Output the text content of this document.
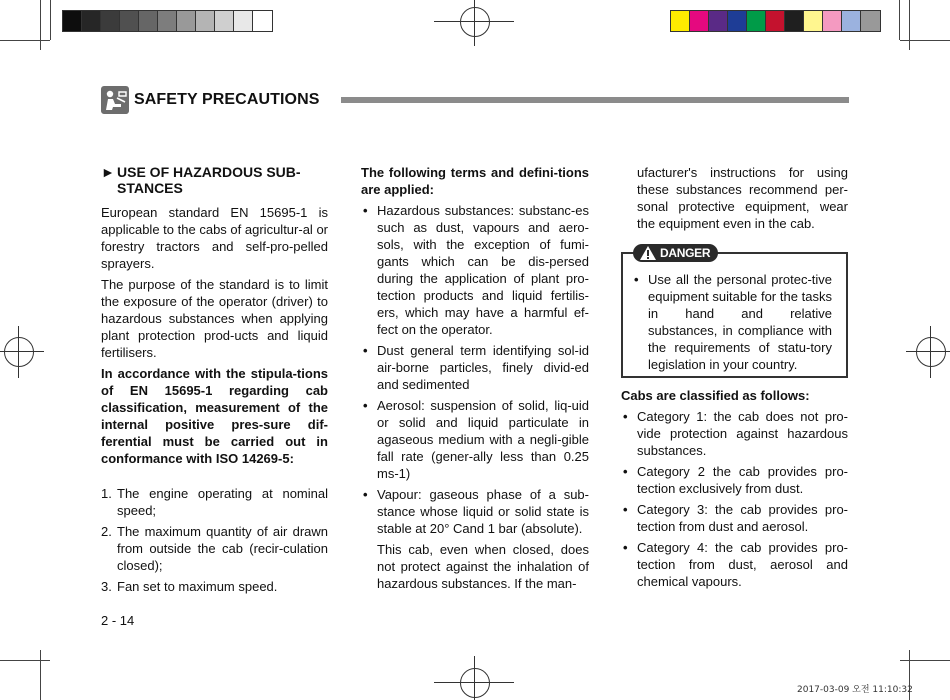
SAFETY PRECAUTIONS
► USE OF HAZARDOUS SUB-
STANCES

European standard EN 15695-1 is applicable to the cabs of agricultur-al or forestry tractors and self-pro-pelled sprayers.

The purpose of the standard is to limit the exposure of the operator (driver) to hazardous substances when applying plant protection prod-ucts and liquid fertilisers.

In accordance with the stipula-tions of EN 15695-1 regarding cab classification, measurement of the internal positive pres-sure dif-ferential must be carried out in conformance with ISO 14269-5:

1. The engine operating at nominal speed;
2. The maximum quantity of air drawn from outside the cab (recir-culation closed);
3. Fan set to maximum speed.

The following terms and defini-tions are applied:

• Hazardous substances: substanc-es such as dust, vapours and aero-sols, with the exception of fumi-gants which can be dis-persed during the application of plant pro-tection products and liquid fertilis-ers, which may have a harmful ef-fect on the operator.
• Dust general term identifying sol-id air-borne particles, finely divid-ed and sedimented
• Aerosol: suspension of solid, liq-uid or solid and liquid particulate in agaseous medium with a negli-gible fall rate (gener-ally less than 0.25 ms-1)
• Vapour: gaseous phase of a sub-stance whose liquid or solid state is stable at 20° Cand 1 bar (absolute).

This cab, even when closed, does not protect against the inhalation of hazardous substances. If the man-

ufacturer's instructions for using these substances recommend per-sonal protective equipment, wear the equipment even in the cab.

DANGER
• Use all the personal protec-tive equipment suitable for the tasks in hand and relative substances, in compliance with the requirements of statu-tory legislation in your country.

Cabs are classified as follows:

• Category 1: the cab does not pro-vide protection against hazardous substances.
• Category 2 the cab provides pro-tection exclusively from dust.
• Category 3: the cab provides pro-tection from dust and aerosol.
• Category 4: the cab provides pro-tection from dust, aerosol and chemical vapours.
2 - 14
2017-03-09 오전 11:10:32
